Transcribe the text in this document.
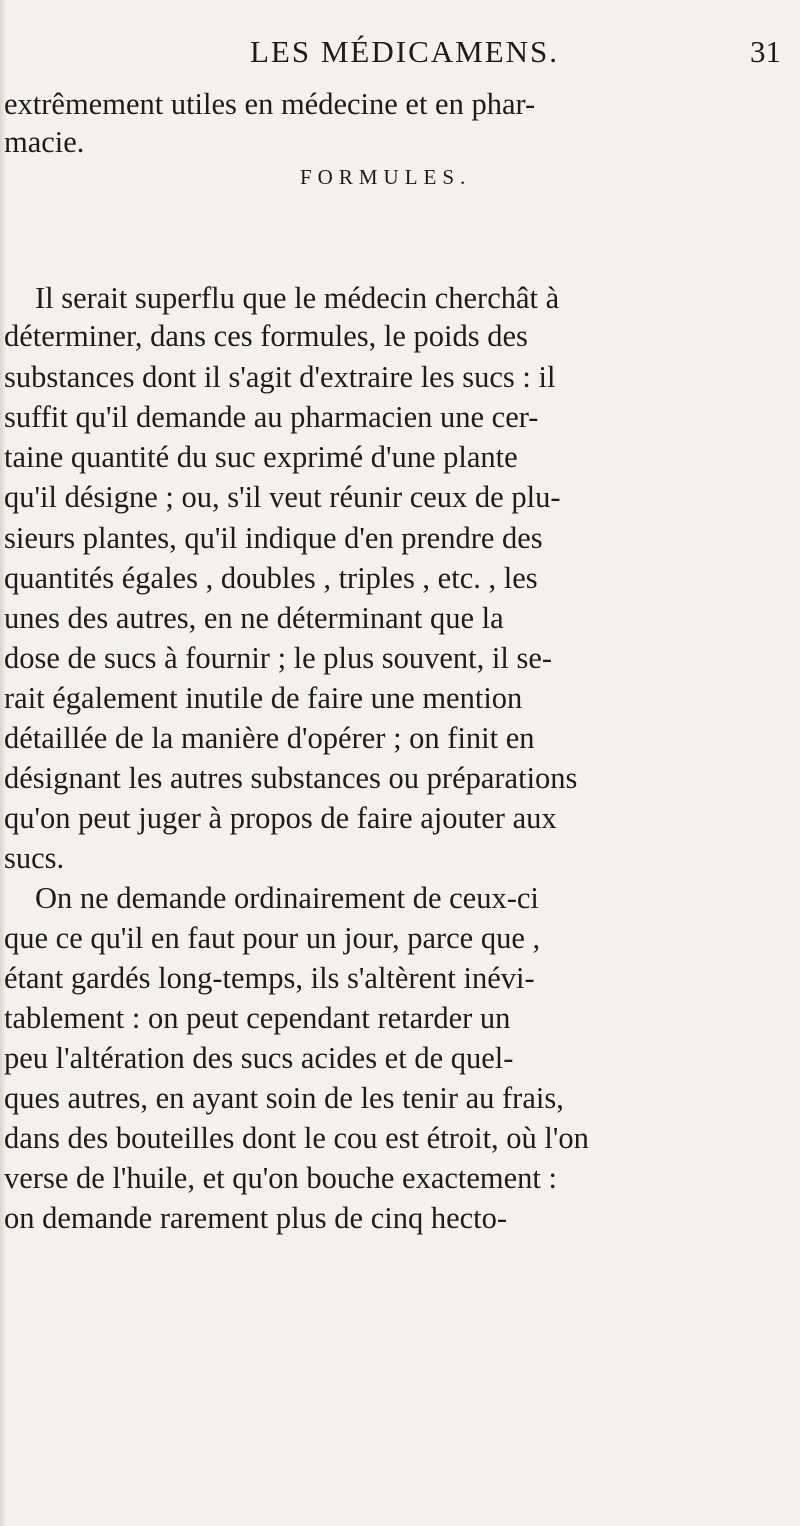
LES MÉDICAMENS.	31
extrêmement utiles en médecine et en phar-
macie.
FORMULES.
Il serait superflu que le médecin cherchât à
déterminer, dans ces formules, le poids des
substances dont il s'agit d'extraire les sucs : il
suffit qu'il demande au pharmacien une cer-
taine quantité du suc exprimé d'une plante
qu'il désigne ; ou, s'il veut réunir ceux de plu-
sieurs plantes, qu'il indique d'en prendre des
quantités égales , doubles , triples , etc. , les
unes des autres, en ne déterminant que la
dose de sucs à fournir ; le plus souvent, il se-
rait également inutile de faire une mention
détaillée de la manière d'opérer ; on finit en
désignant les autres substances ou préparations
qu'on peut juger à propos de faire ajouter aux
sucs.
On ne demande ordinairement de ceux-ci
que ce qu'il en faut pour un jour, parce que ,
étant gardés long-temps, ils s'altèrent inévi-
tablement : on peut cependant retarder un
peu l'altération des sucs acides et de quel-
ques autres, en ayant soin de les tenir au frais,
dans des bouteilles dont le cou est étroit, où l'on
verse de l'huile, et qu'on bouche exactement :
on demande rarement plus de cinq hecto-
